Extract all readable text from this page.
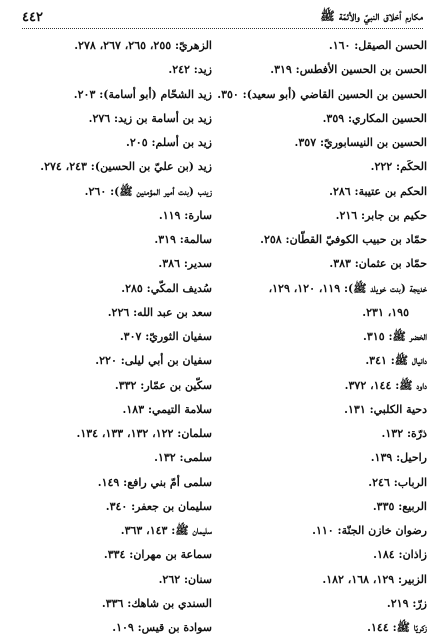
مكارم أخلاق النبيّ والأئمّة ﷺ
٤٤٢
الحسن الصيقل: ١٦٠.
الحسن بن الحسين الأفطس: ٣١٩.
الحسين بن الحسين القاضي (أبو سعيد): ٣٥٠.
الحسين المكاري: ٣٥٩.
الحسين بن النيسابوريّ: ٣٥٧.
الحكَم: ٢٢٢.
الحكم بن عتيبة: ٢٨٦.
حكيم بن جابر: ٢١٦.
حمّاد بن حبيب الكوفيّ القطّان: ٢٥٨.
حمّاد بن عثمان: ٣٨٣.
خديجة (بنت خويلد ﷺ): ١١٩، ١٢٠، ١٢٩،
١٩٥، ٢٣١.
الخضر ﷺ: ٣١٥.
دانيال ﷺ: ٣٤١.
داود ﷺ: ١٤٤، ٣٧٢.
دحية الكلبي: ١٣١.
ذرّة: ١٣٢.
راحيل: ١٣٩.
الرباب: ٢٤٦.
الربيع: ٣٣٥.
رضوان خازن الجنّة: ١١٠.
زاذان: ١٨٤.
الزبير: ١٢٩، ١٦٨، ١٨٢.
زرّ: ٢١٩.
زكريّا ﷺ: ١٤٤.
الزهريّ: ٢٥٥، ٢٦٥، ٢٦٧، ٢٧٨.
زيد: ٢٤٢.
زيد الشحّام (أبو أسامة): ٢٠٣.
زيد بن أسامة بن زيد: ٢٧٦.
زيد بن أسلم: ٢٠٥.
زيد (بن عليّ بن الحسين): ٢٤٣، ٢٧٤.
زينب (بنت أمير المؤمنين ﷺ): ٢٦٠.
سارة: ١١٩.
سالمة: ٣١٩.
سدير: ٣٨٦.
سُديف المكّي: ٢٨٥.
سعد بن عبد الله: ٢٢٦.
سفيان الثوريّ: ٣٠٧.
سفيان بن أبي ليلى: ٢٢٠.
سكّين بن عمّار: ٣٣٢.
سلامة التيمي: ١٨٣.
سلمان: ١٢٢، ١٣٢، ١٣٣، ١٣٤.
سلمى: ١٣٢.
سلمى أمّ بني رافع: ١٤٩.
سليمان بن جعفر: ٣٤٠.
سليمان ﷺ: ١٤٣، ٣٦٣.
سماعة بن مهران: ٣٣٤.
سنان: ٢٦٢.
السندي بن شاهك: ٣٣٦.
سوادة بن قيس: ١٠٩.
